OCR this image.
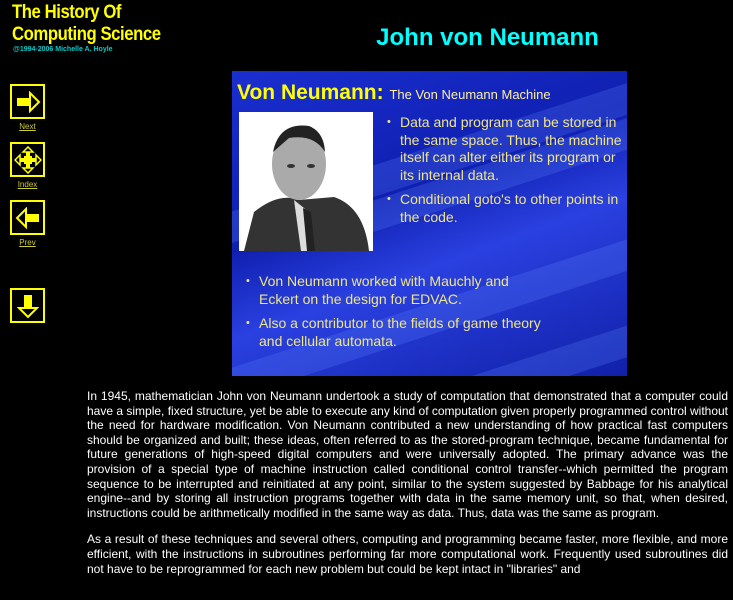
The History Of
Computing Science
@1994-2006 Michelle A. Hoyle	John von Neumann
Next
Index
Prev
Von Neumann: The Von Neumann Machine
• Data and program can be stored in the same space. Thus, the machine itself can alter either its program or its internal data.
• Conditional goto's to other points in the code.
• Von Neumann worked with Mauchly and Eckert on the design for EDVAC.
• Also a contributor to the fields of game theory and cellular automata.

In 1945, mathematician John von Neumann undertook a study of computation that demonstrated that a computer could have a simple, fixed structure, yet be able to execute any kind of computation given properly programmed control without the need for hardware modification. Von Neumann contributed a new understanding of how practical fast computers should be organized and built; these ideas, often referred to as the stored-program technique, became fundamental for future generations of high-speed digital computers and were universally adopted. The primary advance was the provision of a special type of machine instruction called conditional control transfer--which permitted the program sequence to be interrupted and reinitiated at any point, similar to the system suggested by Babbage for his analytical engine--and by storing all instruction programs together with data in the same memory unit, so that, when desired, instructions could be arithmetically modified in the same way as data. Thus, data was the same as program.

As a result of these techniques and several others, computing and programming became faster, more flexible, and more efficient, with the instructions in subroutines performing far more computational work. Frequently used subroutines did not have to be reprogrammed for each new problem but could be kept intact in "libraries" and
